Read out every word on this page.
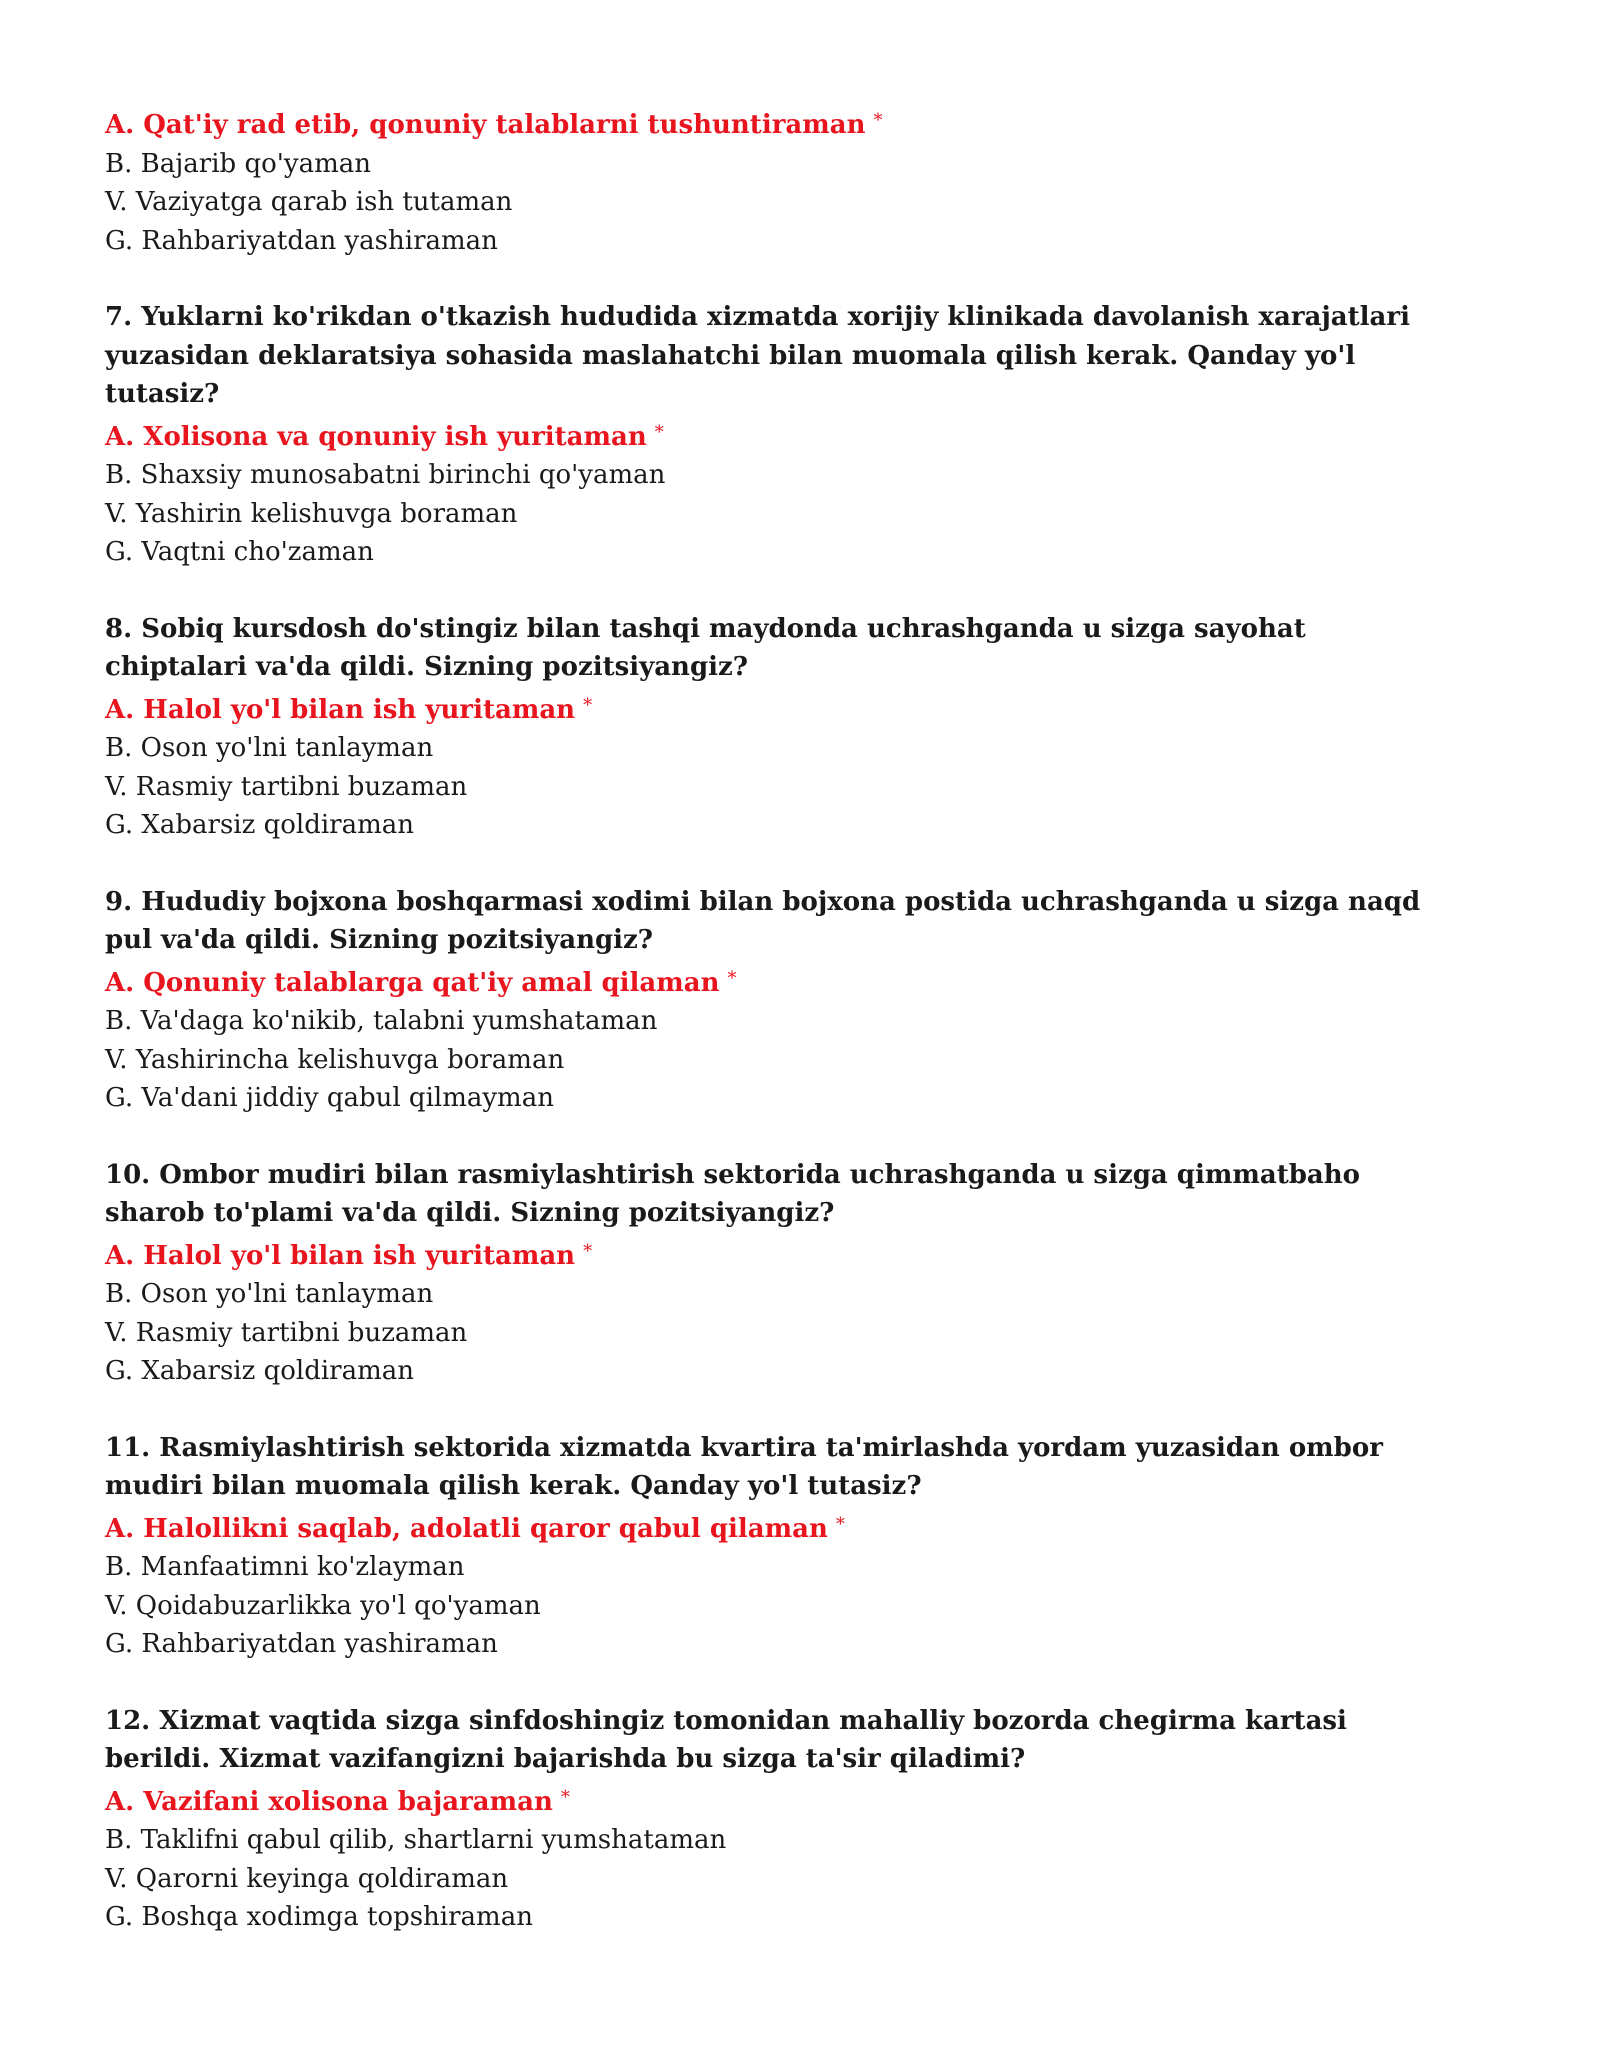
A. Qat'iy rad etib, qonuniy talablarni tushuntiraman *

B. Bajarib qo'yaman

V. Vaziyatga qarab ish tutaman

G. Rahbariyatdan yashiraman

7. Yuklarni ko'rikdan o'tkazish hududida xizmatda xorijiy klinikada davolanish xarajatlari yuzasidan deklaratsiya sohasida maslahatchi bilan muomala qilish kerak. Qanday yo'l tutasiz?

A. Xolisona va qonuniy ish yuritaman *

B. Shaxsiy munosabatni birinchi qo'yaman

V. Yashirin kelishuvga boraman

G. Vaqtni cho'zaman

8. Sobiq kursdosh do'stingiz bilan tashqi maydonda uchrashganda u sizga sayohat chiptalari va'da qildi. Sizning pozitsiyangiz?

A. Halol yo'l bilan ish yuritaman *

B. Oson yo'lni tanlayman

V. Rasmiy tartibni buzaman

G. Xabarsiz qoldiraman

9. Hududiy bojxona boshqarmasi xodimi bilan bojxona postida uchrashganda u sizga naqd pul va'da qildi. Sizning pozitsiyangiz?

A. Qonuniy talablarga qat'iy amal qilaman *

B. Va'daga ko'nikib, talabni yumshataman

V. Yashirincha kelishuvga boraman

G. Va'dani jiddiy qabul qilmayman

10. Ombor mudiri bilan rasmiylashtirish sektorida uchrashganda u sizga qimmatbaho sharob to'plami va'da qildi. Sizning pozitsiyangiz?

A. Halol yo'l bilan ish yuritaman *

B. Oson yo'lni tanlayman

V. Rasmiy tartibni buzaman

G. Xabarsiz qoldiraman

11. Rasmiylashtirish sektorida xizmatda kvartira ta'mirlashda yordam yuzasidan ombor mudiri bilan muomala qilish kerak. Qanday yo'l tutasiz?

A. Halollikni saqlab, adolatli qaror qabul qilaman *

B. Manfaatimni ko'zlayman

V. Qoidabuzarlikka yo'l qo'yaman

G. Rahbariyatdan yashiraman

12. Xizmat vaqtida sizga sinfdoshingiz tomonidan mahalliy bozorda chegirma kartasi berildi. Xizmat vazifangizni bajarishda bu sizga ta'sir qiladimi?

A. Vazifani xolisona bajaraman *

B. Taklifni qabul qilib, shartlarni yumshataman

V. Qarorni keyinga qoldiraman

G. Boshqa xodimga topshiraman
